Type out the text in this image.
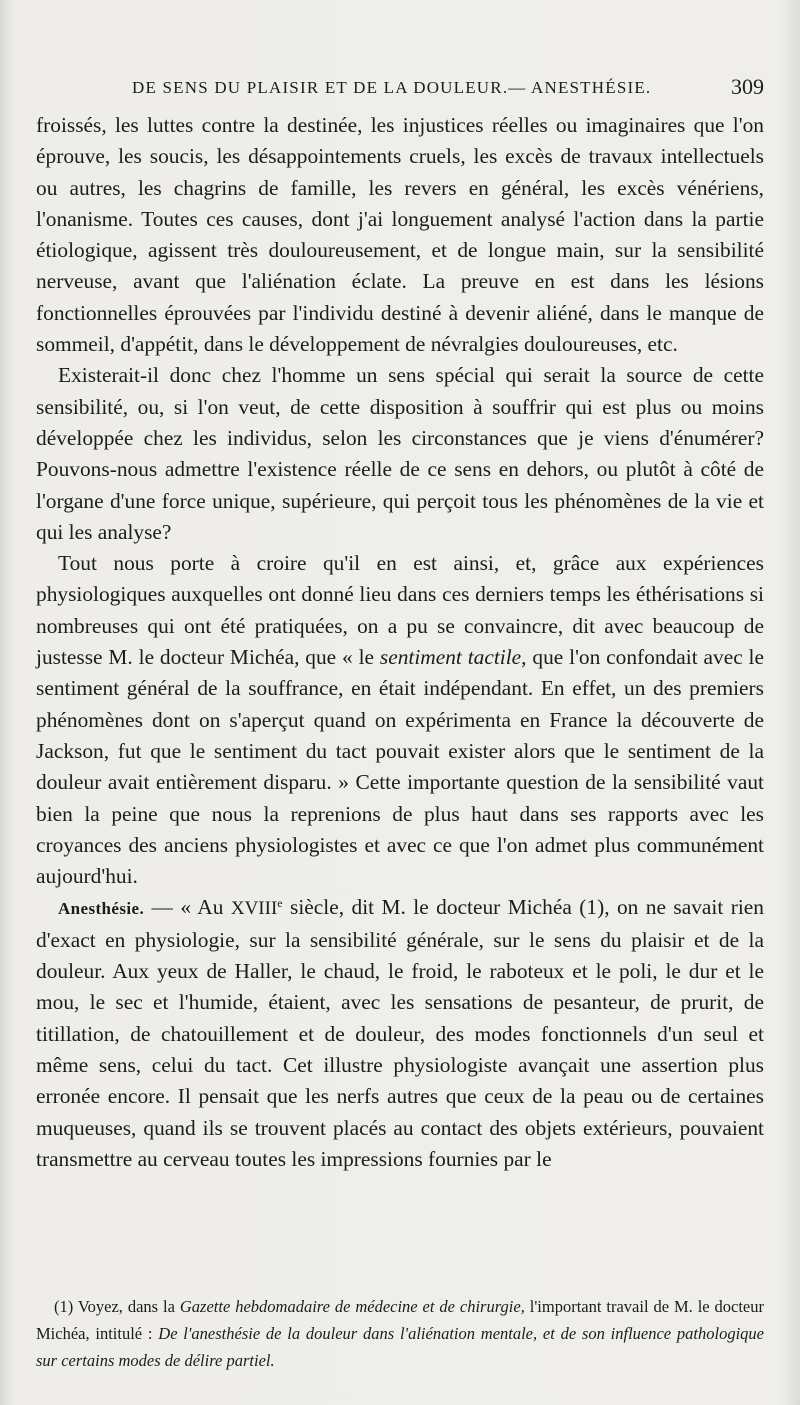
DE SENS DU PLAISIR ET DE LA DOULEUR.— ANESTHÉSIE.	309

froissés, les luttes contre la destinée, les injustices réelles ou imaginaires que l'on éprouve, les soucis, les désappointements cruels, les excès de travaux intellectuels ou autres, les chagrins de famille, les revers en général, les excès vénériens, l'onanisme. Toutes ces causes, dont j'ai longuement analysé l'action dans la partie étiologique, agissent très douloureusement, et de longue main, sur la sensibilité nerveuse, avant que l'aliénation éclate. La preuve en est dans les lésions fonctionnelles éprouvées par l'individu destiné à devenir aliéné, dans le manque de sommeil, d'appétit, dans le développement de névralgies douloureuses, etc.

Existerait-il donc chez l'homme un sens spécial qui serait la source de cette sensibilité, ou, si l'on veut, de cette disposition à souffrir qui est plus ou moins développée chez les individus, selon les circonstances que je viens d'énumérer? Pouvons-nous admettre l'existence réelle de ce sens en dehors, ou plutôt à côté de l'organe d'une force unique, supérieure, qui perçoit tous les phénomènes de la vie et qui les analyse?

Tout nous porte à croire qu'il en est ainsi, et, grâce aux expériences physiologiques auxquelles ont donné lieu dans ces derniers temps les éthérisations si nombreuses qui ont été pratiquées, on a pu se convaincre, dit avec beaucoup de justesse M. le docteur Michéa, que « le sentiment tactile, que l'on confondait avec le sentiment général de la souffrance, en était indépendant. En effet, un des premiers phénomènes dont on s'aperçut quand on expérimenta en France la découverte de Jackson, fut que le sentiment du tact pouvait exister alors que le sentiment de la douleur avait entièrement disparu. » Cette importante question de la sensibilité vaut bien la peine que nous la reprenions de plus haut dans ses rapports avec les croyances des anciens physiologistes et avec ce que l'on admet plus communément aujourd'hui.

Anesthésie. — « Au XVIIIe siècle, dit M. le docteur Michéa (1), on ne savait rien d'exact en physiologie, sur la sensibilité générale, sur le sens du plaisir et de la douleur. Aux yeux de Haller, le chaud, le froid, le raboteux et le poli, le dur et le mou, le sec et l'humide, étaient, avec les sensations de pesanteur, de prurit, de titillation, de chatouillement et de douleur, des modes fonctionnels d'un seul et même sens, celui du tact. Cet illustre physiologiste avançait une assertion plus erronée encore. Il pensait que les nerfs autres que ceux de la peau ou de certaines muqueuses, quand ils se trouvent placés au contact des objets extérieurs, pouvaient transmettre au cerveau toutes les impressions fournies par le

(1) Voyez, dans la Gazette hebdomadaire de médecine et de chirurgie, l'important travail de M. le docteur Michéa, intitulé : De l'anesthésie de la douleur dans l'aliénation mentale, et de son influence pathologique sur certains modes de délire partiel.
